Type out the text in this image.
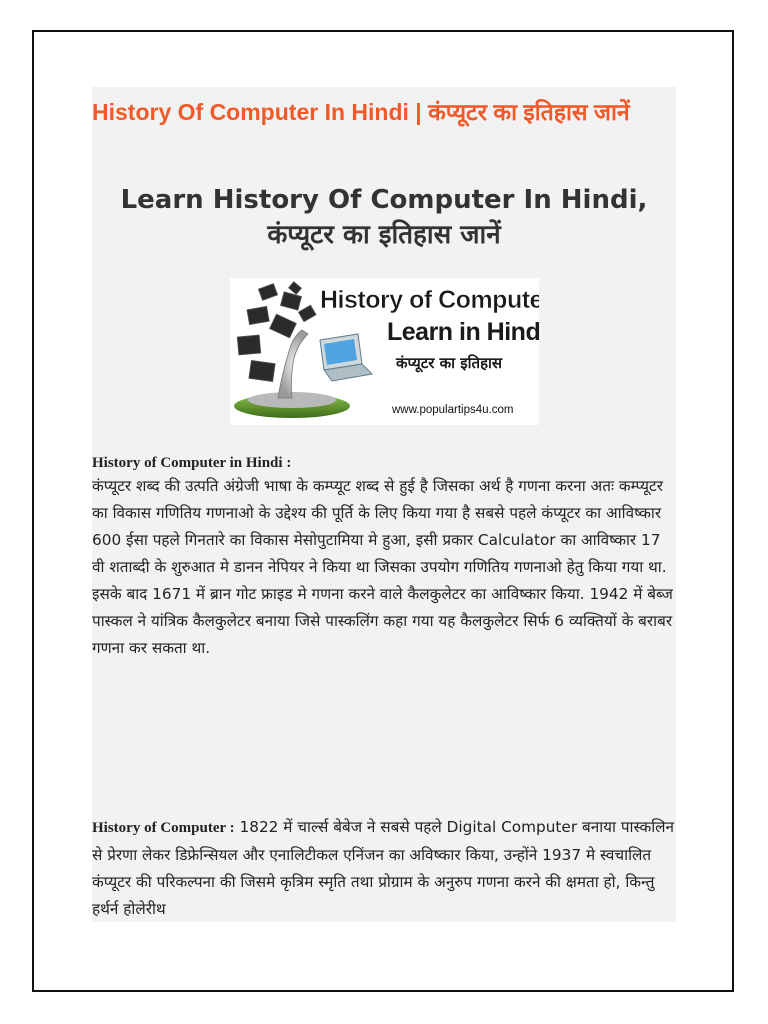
History Of Computer In Hindi | कंप्यूटर का इतिहास जानें
Learn History Of Computer In Hindi, कंप्यूटर का इतिहास जानें
History of Computer
Learn in Hindi
कंप्यूटर का इतिहास
www.populartips4u.com
History of Computer in Hindi :

कंप्यूटर शब्द की उत्पति अंग्रेजी भाषा के कम्प्यूट शब्द से हुई है जिसका अर्थ है गणना करना अतः कम्प्यूटर का विकास गणितिय गणनाओ के उद्देश्य की पूर्ति के लिए किया गया है सबसे पहले कंप्यूटर का आविष्कार 600 ईसा पहले गिनतारे का विकास मेसोपुटामिया मे हुआ, इसी प्रकार Calculator का आविष्कार 17 वी शताब्दी के शुरुआत मे डानन नेपियर ने किया था जिसका उपयोग गणितिय गणनाओ हेतु किया गया था. इसके बाद 1671 में ब्रान गोट फ्राइड मे गणना करने वाले कैलकुलेटर का आविष्कार किया. 1942 में बेब्ज पास्कल ने यांत्रिक कैलकुलेटर बनाया जिसे पास्कलिंग कहा गया यह कैलकुलेटर सिर्फ 6 व्यक्तियों के बराबर गणना कर सकता था.

History of Computer : 1822 में चार्ल्स बेबेज ने सबसे पहले Digital Computer बनाया पास्कलिन से प्रेरणा लेकर डिफ्रेन्सियल और एनालिटीकल एनिंजन का अविष्कार किया, उन्होंने 1937 मे स्वचालित कंप्यूटर की परिकल्पना की जिसमे कृत्रिम स्मृति तथा प्रोग्राम के अनुरुप गणना करने की क्षमता हो, किन्तु हर्थर्न होलेरीथ
